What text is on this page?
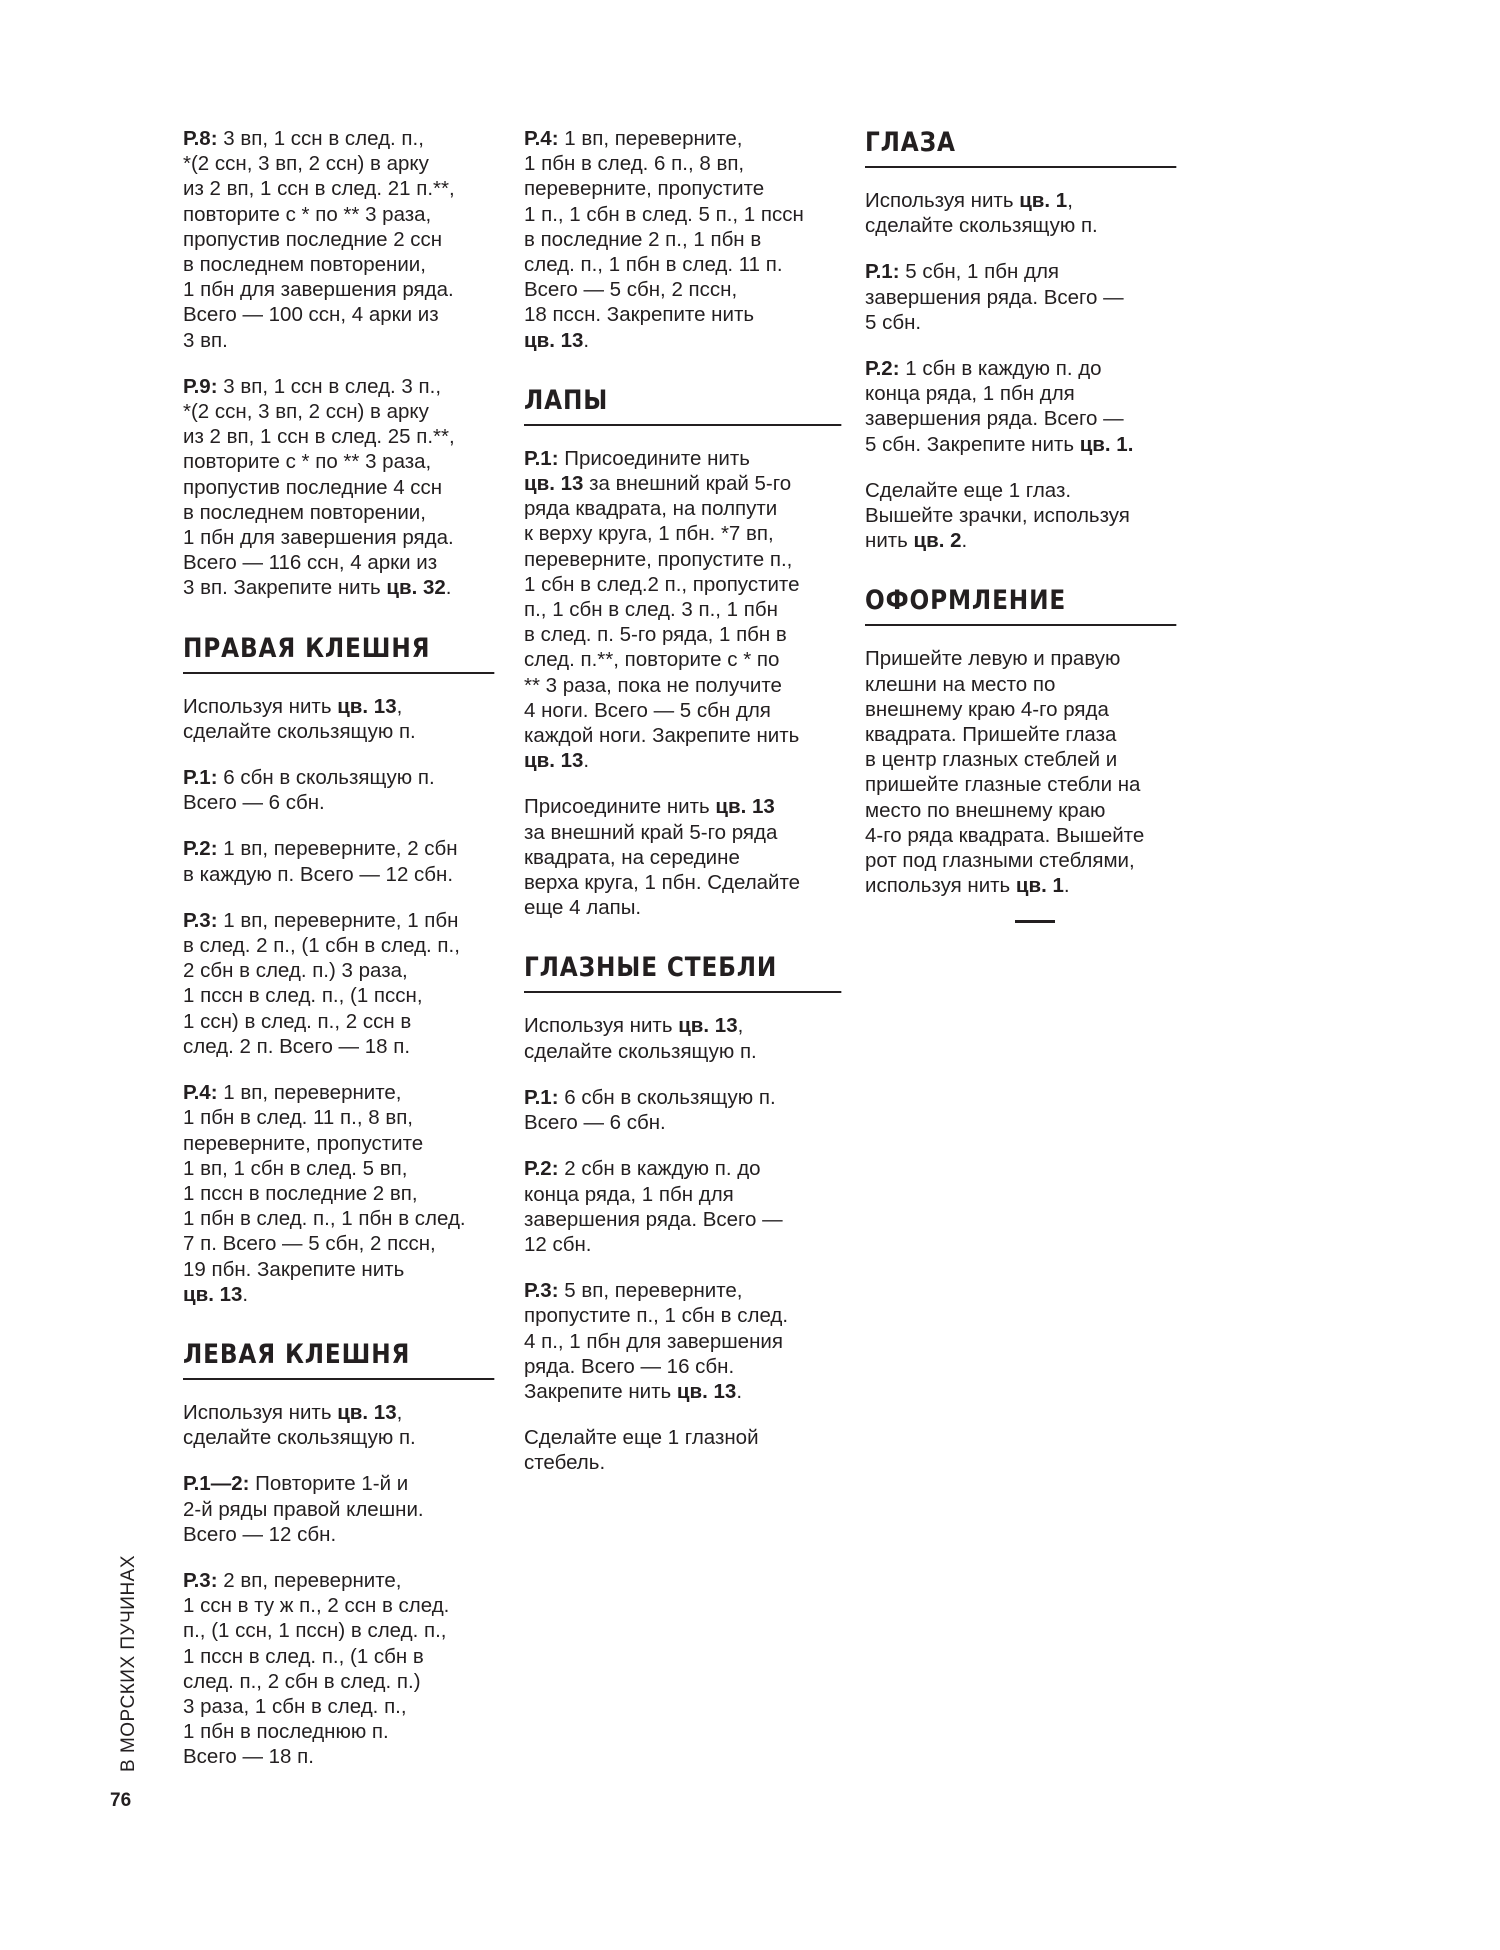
Р.8: 3 вп, 1 ссн в след. п.,
*(2 ссн, 3 вп, 2 ссн) в арку
из 2 вп, 1 ссн в след. 21 п.**,
повторите с * по ** 3 раза,
пропустив последние 2 ссн
в последнем повторении,
1 пбн для завершения ряда.
Всего — 100 ссн, 4 арки из
3 вп.
Р.9: 3 вп, 1 ссн в след. 3 п.,
*(2 ссн, 3 вп, 2 ссн) в арку
из 2 вп, 1 ссн в след. 25 п.**,
повторите с * по ** 3 раза,
пропустив последние 4 ссн
в последнем повторении,
1 пбн для завершения ряда.
Всего — 116 ссн, 4 арки из
3 вп. Закрепите нить цв. 32.
ПРАВАЯ КЛЕШНЯ
Используя нить цв. 13,
сделайте скользящую п.
Р.1: 6 сбн в скользящую п.
Всего — 6 сбн.
Р.2: 1 вп, переверните, 2 сбн
в каждую п. Всего — 12 сбн.
Р.3: 1 вп, переверните, 1 пбн
в след. 2 п., (1 сбн в след. п.,
2 сбн в след. п.) 3 раза,
1 пссн в след. п., (1 пссн,
1 ссн) в след. п., 2 ссн в
след. 2 п. Всего — 18 п.
Р.4: 1 вп, переверните,
1 пбн в след. 11 п., 8 вп,
переверните, пропустите
1 вп, 1 сбн в след. 5 вп,
1 пссн в последние 2 вп,
1 пбн в след. п., 1 пбн в след.
7 п. Всего — 5 сбн, 2 пссн,
19 пбн. Закрепите нить
цв. 13.
ЛЕВАЯ КЛЕШНЯ
Используя нить цв. 13,
сделайте скользящую п.
Р.1—2: Повторите 1-й и
2-й ряды правой клешни.
Всего — 12 сбн.
Р.3: 2 вп, переверните,
1 ссн в ту ж п., 2 ссн в след.
п., (1 ссн, 1 пссн) в след. п.,
1 пссн в след. п., (1 сбн в
след. п., 2 сбн в след. п.)
3 раза, 1 сбн в след. п.,
1 пбн в последнюю п.
Всего — 18 п.
Р.4: 1 вп, переверните,
1 пбн в след. 6 п., 8 вп,
переверните, пропустите
1 п., 1 сбн в след. 5 п., 1 пссн
в последние 2 п., 1 пбн в
след. п., 1 пбн в след. 11 п.
Всего — 5 сбн, 2 пссн,
18 пссн. Закрепите нить
цв. 13.
ЛАПЫ
Р.1: Присоедините нить
цв. 13 за внешний край 5-го
ряда квадрата, на полпути
к верху круга, 1 пбн. *7 вп,
переверните, пропустите п.,
1 сбн в след.2 п., пропустите
п., 1 сбн в след. 3 п., 1 пбн
в след. п. 5-го ряда, 1 пбн в
след. п.**, повторите с * по
** 3 раза, пока не получите
4 ноги. Всего — 5 сбн для
каждой ноги. Закрепите нить
цв. 13.
Присоедините нить цв. 13
за внешний край 5-го ряда
квадрата, на середине
верха круга, 1 пбн. Сделайте
еще 4 лапы.
ГЛАЗНЫЕ СТЕБЛИ
Используя нить цв. 13,
сделайте скользящую п.
Р.1: 6 сбн в скользящую п.
Всего — 6 сбн.
Р.2: 2 сбн в каждую п. до
конца ряда, 1 пбн для
завершения ряда. Всего —
12 сбн.
Р.3: 5 вп, переверните,
пропустите п., 1 сбн в след.
4 п., 1 пбн для завершения
ряда. Всего — 16 сбн.
Закрепите нить цв. 13.
Сделайте еще 1 глазной
стебель.
ГЛАЗА
Используя нить цв. 1,
сделайте скользящую п.
Р.1: 5 сбн, 1 пбн для
завершения ряда. Всего —
5 сбн.
Р.2: 1 сбн в каждую п. до
конца ряда, 1 пбн для
завершения ряда. Всего —
5 сбн. Закрепите нить цв. 1.
Сделайте еще 1 глаз.
Вышейте зрачки, используя
нить цв. 2.
ОФОРМЛЕНИЕ
Пришейте левую и правую
клешни на место по
внешнему краю 4-го ряда
квадрата. Пришейте глаза
в центр глазных стеблей и
пришейте глазные стебли на
место по внешнему краю
4-го ряда квадрата. Вышейте
рот под глазными стеблями,
используя нить цв. 1.
В МОРСКИХ ПУЧИНАХ
76
